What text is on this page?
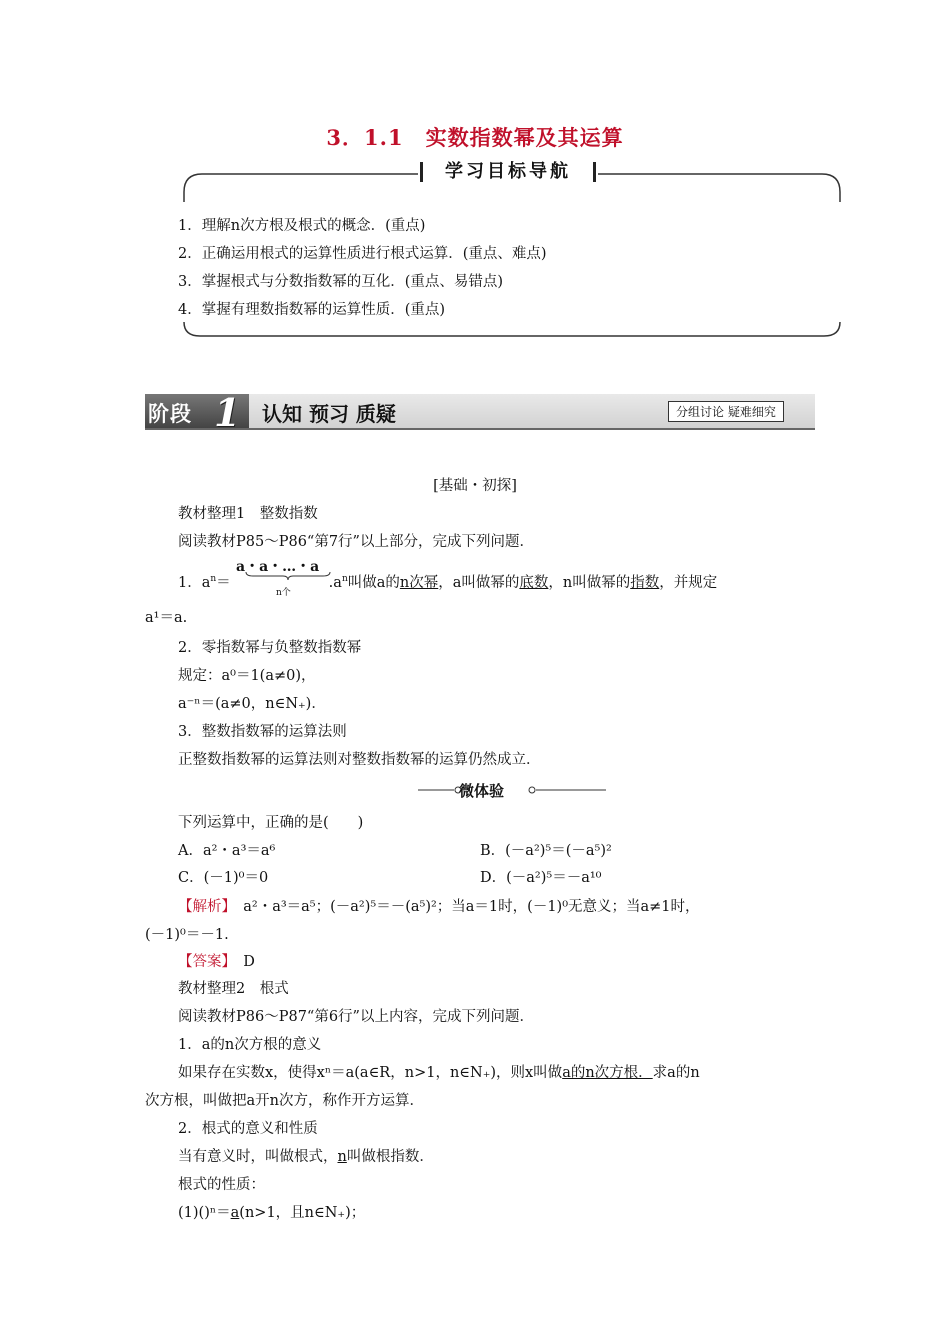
3．1.1　实数指数幂及其运算
学习目标导航
1．理解n次方根及根式的概念．(重点)
2．正确运用根式的运算性质进行根式运算．(重点、难点)
3．掌握根式与分数指数幂的互化．(重点、易错点)
4．掌握有理数指数幂的运算性质．(重点)
阶段 1 认知 预习 质疑	分组讨论 疑难细究
[基础・初探]
教材整理1　整数指数
阅读教材P85～P86“第7行”以上部分，完成下列问题．
1．$a^n=$	$.a^n$叫做a的n次幂，a叫做幂的底数，n叫做幂的指数，并规定
a・a・…・a
n个
a¹＝a.
2．零指数幂与负整数指数幂
规定：a⁰＝1(a≠0)，
a⁻ⁿ＝(a≠0，n∈N₊)．
3．整数指数幂的运算法则
正整数指数幂的运算法则对整数指数幂的运算仍然成立．
微体验
下列运算中，正确的是(　　)
A．a²・a³＝a⁶	B．(－a²)⁵＝(－a⁵)²
C．(－1)⁰＝0	D．(－a²)⁵＝－a¹⁰
【解析】　a²・a³＝a⁵；(－a²)⁵＝－(a⁵)²；当a＝1时，(－1)⁰无意义；当a≠1时，
(－1)⁰＝－1.
【答案】　D
教材整理2　根式
阅读教材P86～P87“第6行”以上内容，完成下列问题．
1．a的n次方根的意义
如果存在实数x，使得xⁿ＝a(a∈R，n>1，n∈N₊)，则x叫做a的n次方根．求a的n
次方根，叫做把a开n次方，称作开方运算．
2．根式的意义和性质
当有意义时，叫做根式，n叫做根指数．
根式的性质：
(1)()ⁿ＝a(n>1，且n∈N₊)；
